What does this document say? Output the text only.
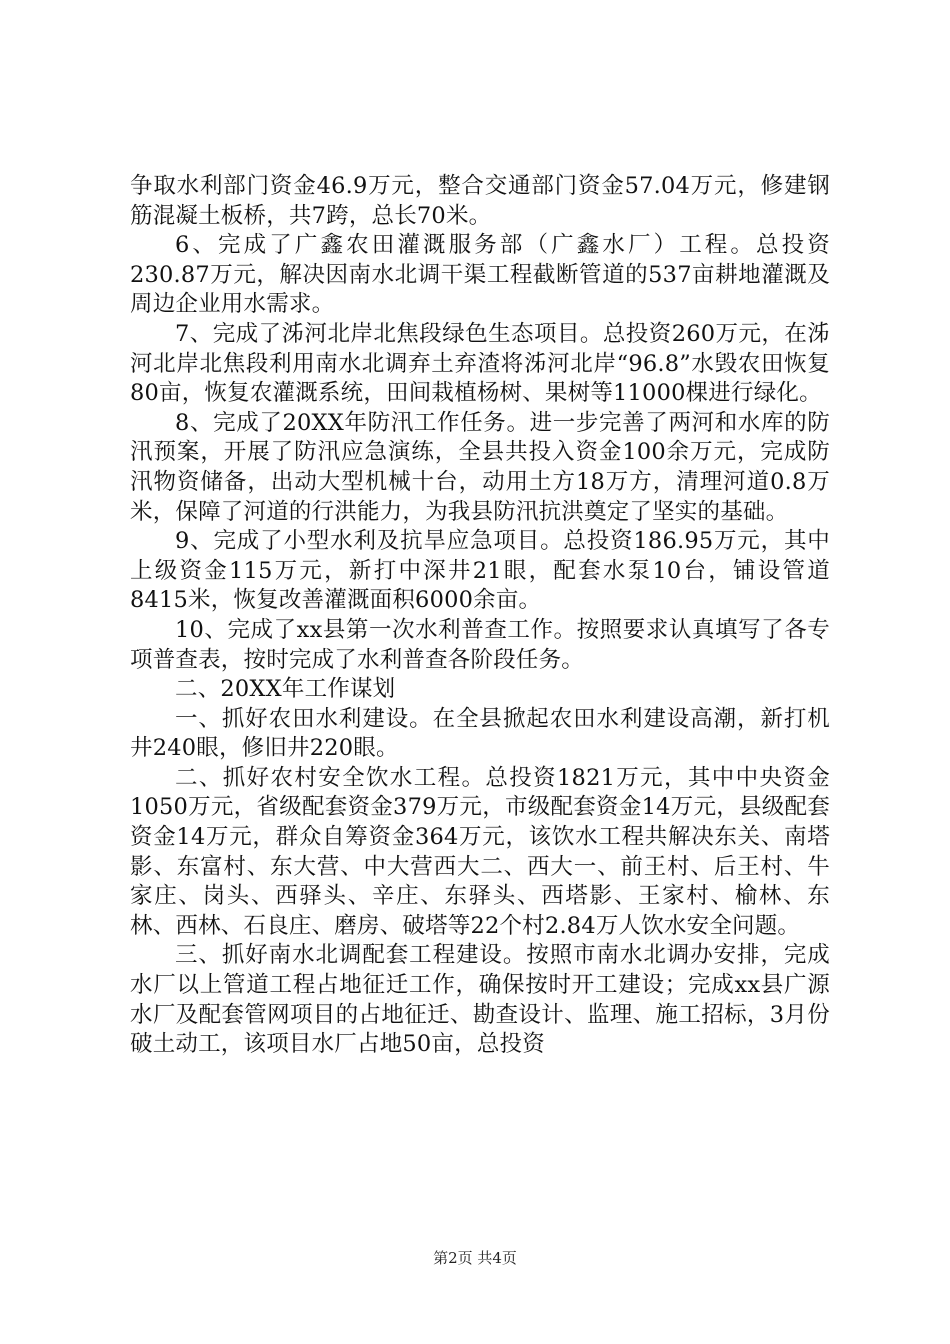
争取水利部门资金46.9万元，整合交通部门资金57.04万元，修建钢筋混凝土板桥，共7跨，总长70米。

6、完成了广鑫农田灌溉服务部（广鑫水厂）工程。总投资230.87万元，解决因南水北调干渠工程截断管道的537亩耕地灌溉及周边企业用水需求。

7、完成了泲河北岸北焦段绿色生态项目。总投资260万元，在泲河北岸北焦段利用南水北调弃土弃渣将泲河北岸“96.8”水毁农田恢复80亩，恢复农灌溉系统，田间栽植杨树、果树等11000棵进行绿化。

8、完成了20XX年防汛工作任务。进一步完善了两河和水库的防汛预案，开展了防汛应急演练，全县共投入资金100余万元，完成防汛物资储备，出动大型机械十台，动用土方18万方，清理河道0.8万米，保障了河道的行洪能力，为我县防汛抗洪奠定了坚实的基础。

9、完成了小型水利及抗旱应急项目。总投资186.95万元，其中上级资金115万元，新打中深井21眼，配套水泵10台，铺设管道8415米，恢复改善灌溉面积6000余亩。

10、完成了xx县第一次水利普查工作。按照要求认真填写了各专项普查表，按时完成了水利普查各阶段任务。

二、20XX年工作谋划

一、抓好农田水利建设。在全县掀起农田水利建设高潮，新打机井240眼，修旧井220眼。

二、抓好农村安全饮水工程。总投资1821万元，其中中央资金1050万元，省级配套资金379万元，市级配套资金14万元，县级配套资金14万元，群众自筹资金364万元，该饮水工程共解决东关、南塔影、东富村、东大营、中大营西大二、西大一、前王村、后王村、牛家庄、岗头、西驿头、辛庄、东驿头、西塔影、王家村、榆林、东林、西林、石良庄、磨房、破塔等22个村2.84万人饮水安全问题。

三、抓好南水北调配套工程建设。按照市南水北调办安排，完成水厂以上管道工程占地征迁工作，确保按时开工建设；完成xx县广源水厂及配套管网项目的占地征迁、勘查设计、监理、施工招标，3月份破土动工，该项目水厂占地50亩，总投资

第2页 共4页
